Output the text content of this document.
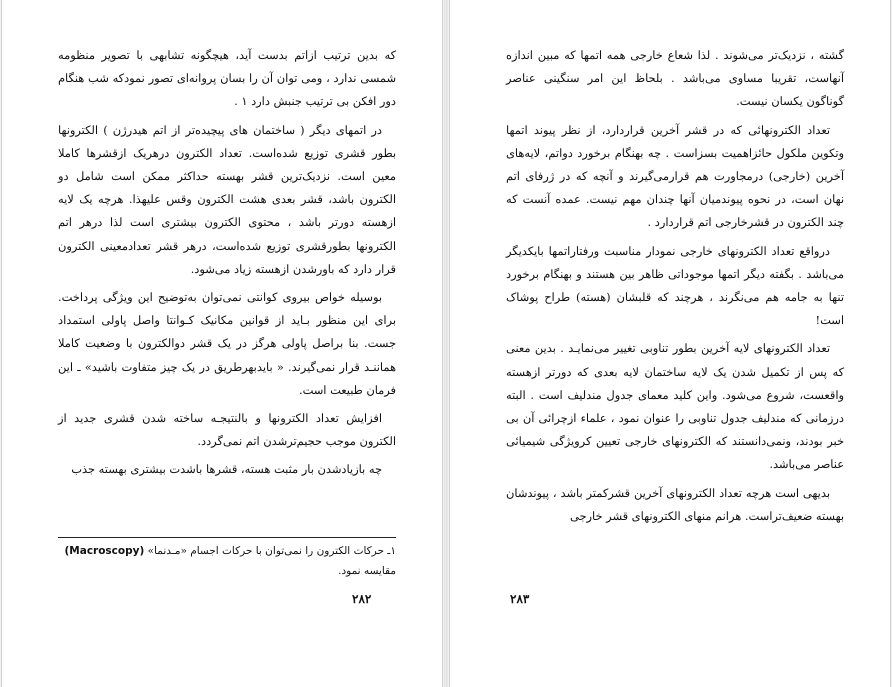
که بدین ترتیب ازاتم بدست آید، هیچگونه تشابهی با تصویر منظومه شمسی ندارد ، ومی توان آن را بسان پروانه‌ای تصور نمودکه شب هنگام دور افکن بی ترتیب جنبش دارد ۱ .

در اتمهای دیگر ( ساختمان های پیچیده‌تر از اتم هیدرژن ) الکترونها بطور قشری توزیع شده‌است. تعداد الکترون درهریک ازقشرها کاملا معین است. نزدیک‌ترین قشر بهسته حداکثر ممکن است شامل دو الکترون باشد، قشر بعدی هشت الکترون وقس علیهذا. هرچه یک لایه ازهسته دورتر باشد ، محتوی الکترون بیشتری است لذا درهر اتم الکترونها بطورقشری توزیع شده‌است، درهر قشر تعدادمعینی الکترون قرار دارد که باورشدن ازهسته زیاد می‌شود.

بوسیله خواص بیروی کوانتی نمی‌توان به‌توضیح این ویژگی پرداخت. برای این منظور بـاید از قوانین مکانیک کـوانتا واصل پاولی استمداد جست. بنا براصل پاولی هرگز در یک قشر دوالکترون با وضعیت کاملا هماننـد قرار نمی‌گیرند. « بایدبهرطریق در یک چیز متفاوت باشید» ـ این فرمان طبیعت است.

افزایش تعداد الکترونها و بالنتیجـه ساخته شدن قشری جدید از الکترون موجب حجیم‌ترشدن اتم نمی‌گردد.

چه بازیادشدن بار مثبت هسته، قشرها باشدت بیشتری بهسته جذب

۱ـ حرکات الکترون را نمی‌توان با حرکات اجسام «مـدنما» (Macroscopy) مقایسه نمود.
۲۸۲

گشته ، نزدیک‌تر می‌شوند . لذا شعاع خارجی همه اتمها که مبین اندازه آنهاست، تقریبا مساوی می‌باشد . بلحاظ این امر سنگینی عناصر گوناگون یکسان نیست.

تعداد الکترونهائی که در قشر آخرین قراردارد، از نظر پیوند اتمها وتکوین ملکول حائزاهمیت بسزاست . چه بهنگام برخورد دواتم، لایه‌های آخرین (خارجی) درمجاورت هم قرارمی‌گیرند و آنچه که در ژرفای اتم نهان است، در نحوه پیوندمیان آنها چندان مهم نیست. عمده آنست که چند الکترون در قشرخارجی اتم قراردارد .

درواقع تعداد الکترونهای خارجی نمودار مناسبت ورفتاراتمها بایکدیگر می‌باشد . بگفته دیگر اتمها موجوداتی ظاهر بین هستند و بهنگام برخورد تنها به جامه هم می‌نگرند ، هرچند که قلبشان (هسته) طراح پوشاک است!

تعداد الکترونهای لایه آخرین بطور تناوبی تغییر می‌نمایـد . بدین معنی که پس از تکمیل شدن یک لایه ساختمان لایه بعدی که دورتر ازهسته واقعست، شروع می‌شود. واین کلید معمای جدول مندلیف است . البته درزمانی که مندلیف جدول تناوبی را عنوان نمود ، علماء ازچرائی آن بی خبر بودند، ونمی‌دانستند که الکترونهای خارجی تعیین کرویژگی شیمیائی عناصر می‌باشد.

بدیهی است هرچه تعداد الکترونهای آخرین قشرکمتر باشد ، پیوندشان بهسته ضعیف‌تراست. هرانم منهای الکترونهای قشر خارجی

۲۸۳
